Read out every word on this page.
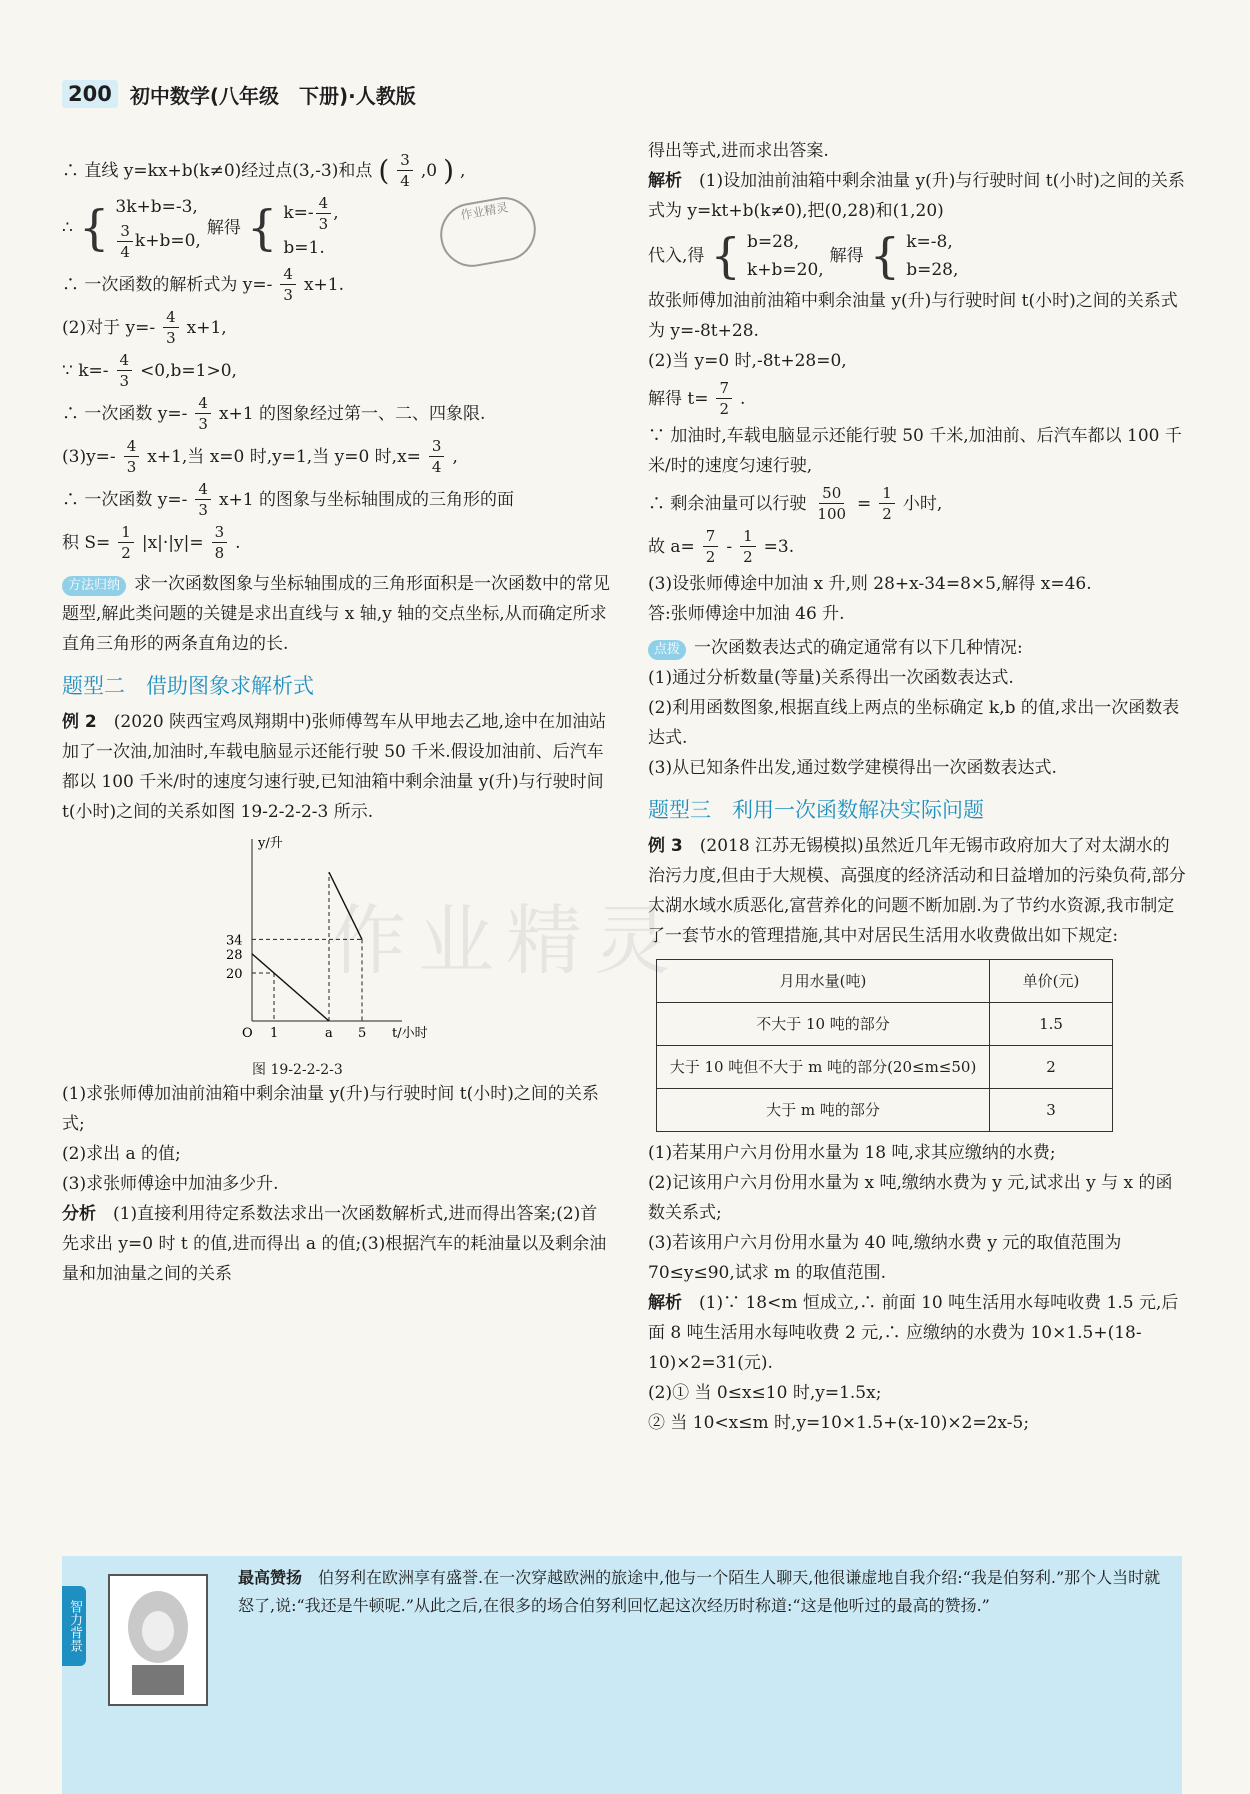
200 初中数学(八年级　下册)·人教版
作业精灵
作业精灵
∴ 直线 y=kx+b(k≠0)经过点(3,-3)和点 ( $\frac{3}{4} ,0$ ) ,
∴ { 3k+b=-3,
$\frac{3}{4} k+b=0$,
解得 { $k=- \frac{4}{3}$ ,
b=1.
∴ 一次函数的解析式为 $y=- \frac{4}{3} x+1$.
(2)对于 $y=- \frac{4}{3} x+1$,
∵ $k=- \frac{4}{3} <0,b=1>0$,
∴ 一次函数 $y=- \frac{4}{3} x+1$ 的图象经过第一、二、四象限.
$(3)y=- \frac{4}{3} x+1$,当 x=0 时,y=1,当 y=0 时$,x= \frac{3}{4}$ ,
∴ 一次函数 $y=- \frac{4}{3} x+1$ 的图象与坐标轴围成的三角形的面
积 $S= \frac{1}{2} |x|\cdot|y|= \frac{3}{8}$ .

方法归纳 求一次函数图象与坐标轴围成的三角形面积是一次函数中的常见题型,解此类问题的关键是求出直线与 x 轴,y 轴的交点坐标,从而确定所求直角三角形的两条直角边的长.

题型二　借助图象求解析式

例 2　 (2020 陕西宝鸡凤翔期中)张师傅驾车从甲地去乙地,途中在加油站加了一次油,加油时,车载电脑显示还能行驶 50 千米.假设加油前、后汽车都以 100 千米/时的速度匀速行驶,已知油箱中剩余油量 y(升)与行驶时间 t(小时)之间的关系如图 19-2-2-2-3 所示.

y/升
t/小时
20
28
34
O 1	a 5
图 19-2-2-2-3

(1)求张师傅加油前油箱中剩余油量 y(升)与行驶时间 t(小时)之间的关系式;

(2)求出 a 的值;

(3)求张师傅途中加油多少升.

分析　 (1)直接利用待定系数法求出一次函数解析式,进而得出答案;(2)首先求出 y=0 时 t 的值,进而得出 a 的值;(3)根据汽车的耗油量以及剩余油量和加油量之间的关系

得出等式,进而求出答案.

解析　 (1)设加油前油箱中剩余油量 y(升)与行驶时间 t(小时)之间的关系式为 y=kt+b(k≠0),把(0,28)和(1,20)

代入,得 { b=28,
k+b=20,
解得 { k=-8,
b=28,

故张师傅加油前油箱中剩余油量 y(升)与行驶时间 t(小时)之间的关系式为 y=-8t+28.

(2)当 y=0 时,-8t+28=0,

解得 $t= \frac{7}{2}$ .

∵ 加油时,车载电脑显示还能行驶 50 千米,加油前、后汽车都以 100 千米/时的速度匀速行驶,

∴ 剩余油量可以行驶 $\frac{50}{100} = \frac{1}{2}$ 小时,
故 $a= \frac{7}{2} - \frac{1}{2} =3$.

(3)设张师傅途中加油 x 升,则 28+x-34=8×5,解得 x=46.

答:张师傅途中加油 46 升.

点拨 一次函数表达式的确定通常有以下几种情况:

(1)通过分析数量(等量)关系得出一次函数表达式.

(2)利用函数图象,根据直线上两点的坐标确定 k,b 的值,求出一次函数表达式.

(3)从已知条件出发,通过数学建模得出一次函数表达式.

题型三　利用一次函数解决实际问题

例 3　 (2018 江苏无锡模拟)虽然近几年无锡市政府加大了对太湖水的治污力度,但由于大规模、高强度的经济活动和日益增加的污染负荷,部分太湖水域水质恶化,富营养化的问题不断加剧.为了节约水资源,我市制定了一套节水的管理措施,其中对居民生活用水收费做出如下规定:

月用水量(吨)	单价(元)
不大于 10 吨的部分	1.5
大于 10 吨但不大于 m 吨的部分(20≤m≤50)	2
大于 m 吨的部分	3

(1)若某用户六月份用水量为 18 吨,求其应缴纳的水费;

(2)记该用户六月份用水量为 x 吨,缴纳水费为 y 元,试求出 y 与 x 的函数关系式;

(3)若该用户六月份用水量为 40 吨,缴纳水费 y 元的取值范围为 70≤y≤90,试求 m 的取值范围.

解析　 (1)∵ 18<m 恒成立,∴ 前面 10 吨生活用水每吨收费 1.5 元,后面 8 吨生活用水每吨收费 2 元,∴ 应缴纳的水费为 10×1.5+(18-10)×2=31(元).

(2)① 当 0≤x≤10 时,y=1.5x;

② 当 10<x≤m 时,y=10×1.5+(x-10)×2=2x-5;

智力背景
最高赞扬　 伯努利在欧洲享有盛誉.在一次穿越欧洲的旅途中,他与一个陌生人聊天,他很谦虚地自我介绍:“我是伯努利.”那个人当时就怒了,说:“我还是牛顿呢.”从此之后,在很多的场合伯努利回忆起这次经历时称道:“这是他听过的最高的赞扬.”
